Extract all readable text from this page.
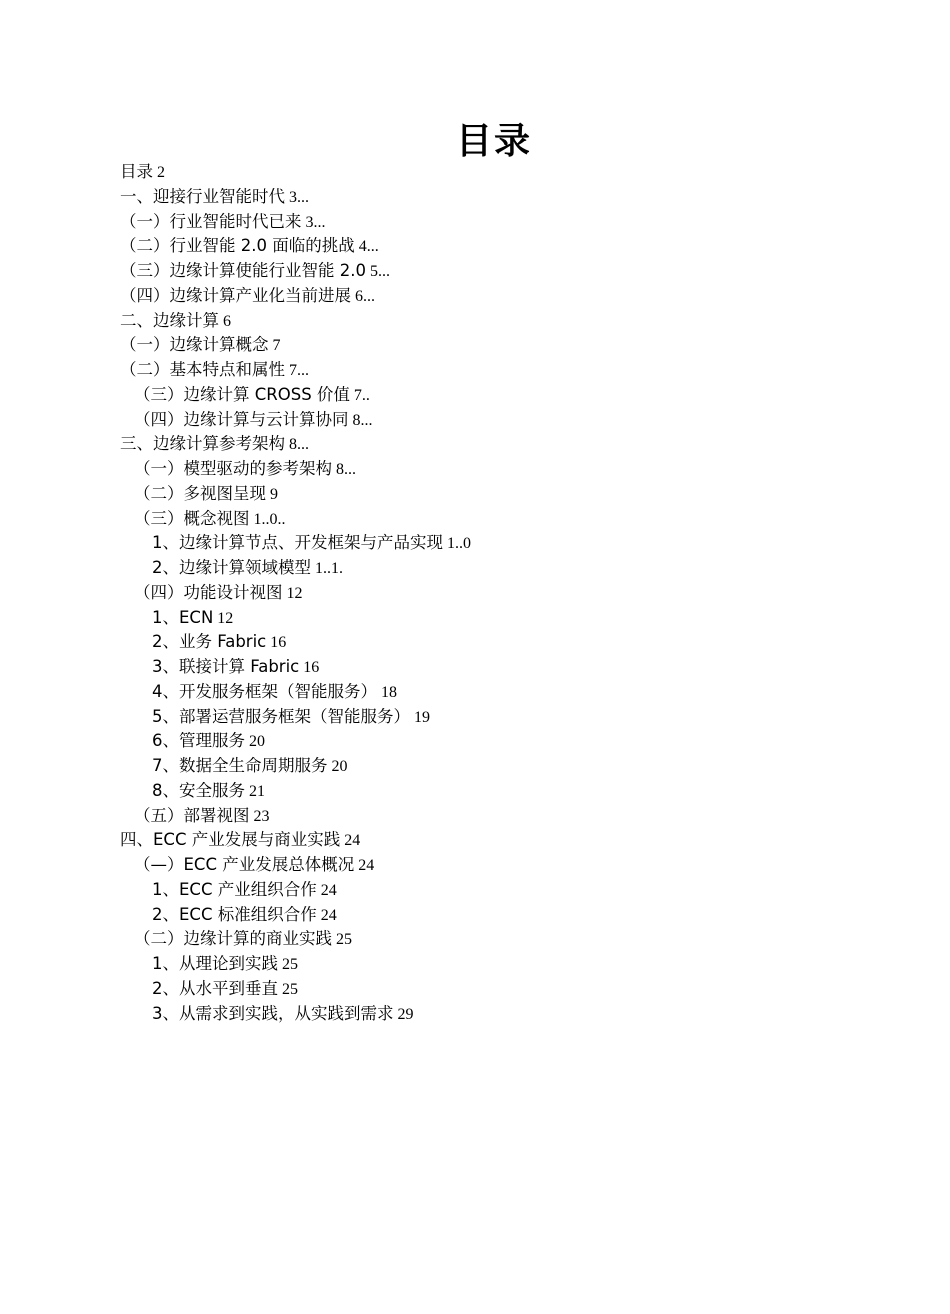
目录
目录 2
一、迎接行业智能时代 3...
（一）行业智能时代已来 3...
（二）行业智能 2.0 面临的挑战 4...
（三）边缘计算使能行业智能 2.0 5...
（四）边缘计算产业化当前进展 6...
二、边缘计算 6
（一）边缘计算概念 7
（二）基本特点和属性 7...
（三）边缘计算 CROSS 价值 7..
（四）边缘计算与云计算协同 8...
三、边缘计算参考架构 8...
（一）模型驱动的参考架构 8...
（二）多视图呈现 9
（三）概念视图 1..0..
1、边缘计算节点、开发框架与产品实现 1..0
2、边缘计算领域模型 1..1.
（四）功能设计视图 12
1、ECN 12
2、业务 Fabric 16
3、联接计算 Fabric 16
4、开发服务框架（智能服务） 18
5、部署运营服务框架（智能服务） 19
6、管理服务 20
7、数据全生命周期服务 20
8、安全服务 21
（五）部署视图 23
四、ECC 产业发展与商业实践 24
（—）ECC 产业发展总体概况 24
1、ECC 产业组织合作 24
2、ECC 标准组织合作 24
（二）边缘计算的商业实践 25
1、从理论到实践 25
2、从水平到垂直 25
3、从需求到实践，从实践到需求 29
